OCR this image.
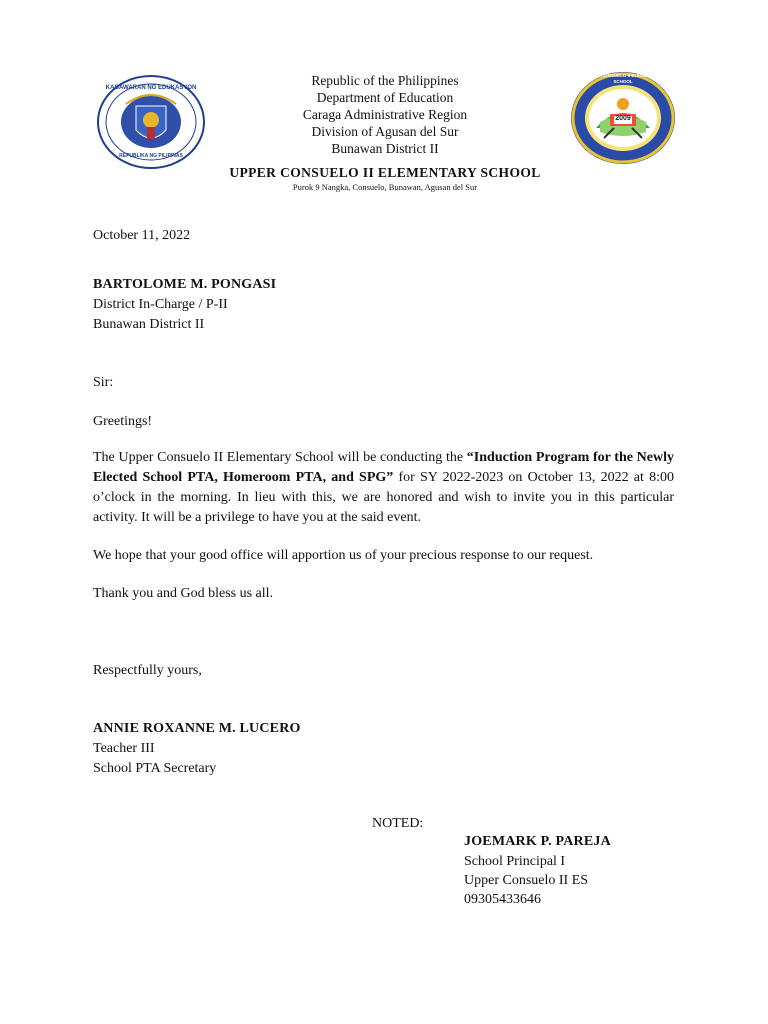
KAGAWARAN NG EDUKASYON
REPUBLIKA NG PILIPINAS
Republic of the Philippines
Department of Education
Caraga Administrative Region
Division of Agusan del Sur
Bunawan District II
UPPER CONSUELO II ELEMENTARY SCHOOL
Purok 9 Nangka, Consuelo, Bunawan, Agusan del Sur
2009
UPPER CONSUELO II ELEMENTARY SCHOOL
October 11, 2022
BARTOLOME M. PONGASI
District In-Charge / P-II
Bunawan District II
Sir:
Greetings!
The Upper Consuelo II Elementary School will be conducting the “Induction Program for the Newly Elected School PTA, Homeroom PTA, and SPG” for SY 2022-2023 on October 13, 2022 at 8:00 o’clock in the morning. In lieu with this, we are honored and wish to invite you in this particular activity. It will be a privilege to have you at the said event.
We hope that your good office will apportion us of your precious response to our request.
Thank you and God bless us all.
Respectfully yours,
ANNIE ROXANNE M. LUCERO
Teacher III
School PTA Secretary
NOTED:
JOEMARK P. PAREJA
School Principal I
Upper Consuelo II ES
09305433646
